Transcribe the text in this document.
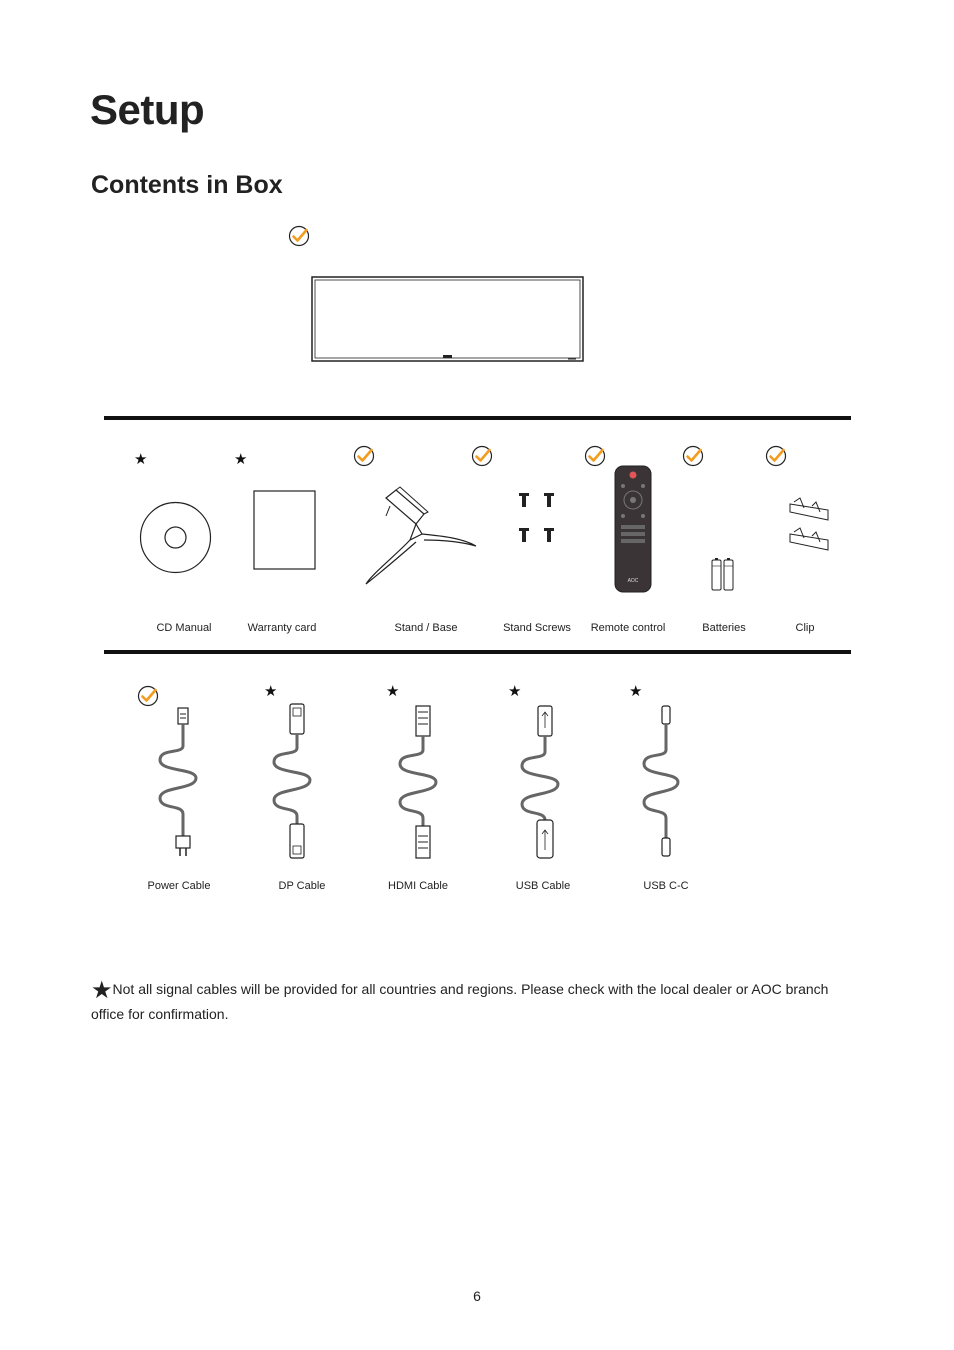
Setup
Contents in Box
★	★
AOC
CD Manual	Warranty card	Stand / Base	Stand Screws	Remote control	Batteries	Clip
★	★	★	★
Power Cable	DP Cable	HDMI Cable	USB Cable	USB C-C
★Not all signal cables will be provided for all countries and regions. Please check with the local dealer or AOC branch office for confirmation.
6
